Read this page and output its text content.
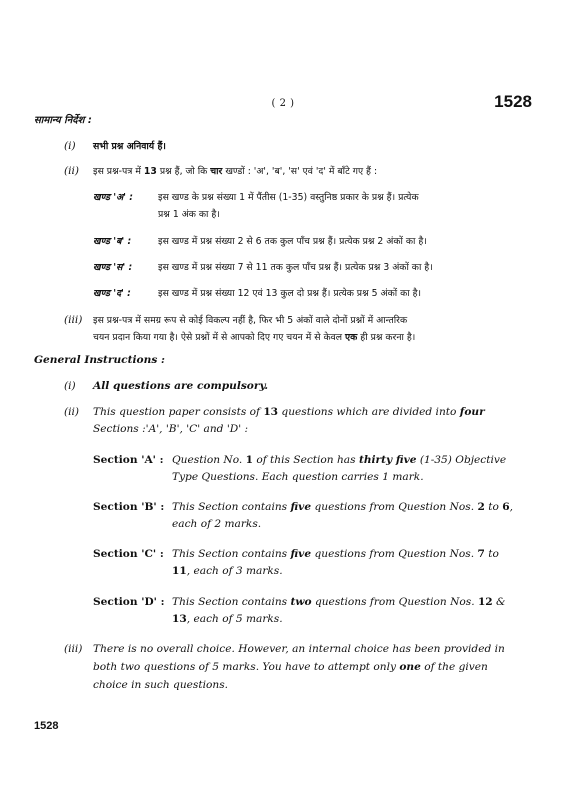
( 2 )	1528
सामान्य निर्देश :
(i) सभी प्रश्न अनिवार्य हैं।
(ii) इस प्रश्न-पत्र में 13 प्रश्न हैं, जो कि चार खण्डों : 'अ', 'ब', 'स' एवं 'द' में बाँटे गए हैं :
खण्ड 'अ' :	इस खण्ड के प्रश्न संख्या 1 में पैंतीस (1-35) वस्तुनिष्ठ प्रकार के प्रश्न हैं। प्रत्येक
प्रश्न 1 अंक का है।
खण्ड 'ब' :	इस खण्ड में प्रश्न संख्या 2 से 6 तक कुल पाँच प्रश्न हैं। प्रत्येक प्रश्न 2 अंकों का है।
खण्ड 'स' :	इस खण्ड में प्रश्न संख्या 7 से 11 तक कुल पाँच प्रश्न हैं। प्रत्येक प्रश्न 3 अंकों का है।
खण्ड 'द' :	इस खण्ड में प्रश्न संख्या 12 एवं 13 कुल दो प्रश्न हैं। प्रत्येक प्रश्न 5 अंकों का है।
(iii) इस प्रश्न-पत्र में समग्र रूप से कोई विकल्प नहीं है, फिर भी 5 अंकों वाले दोनों प्रश्नों में आन्तरिक
चयन प्रदान किया गया है। ऐसे प्रश्नों में से आपको दिए गए चयन में से केवल एक ही प्रश्न करना है।
General Instructions :
(i) All questions are compulsory.
(ii) This question paper consists of 13 questions which are divided into four
Sections :'A', 'B', 'C' and 'D' :
Section 'A' : Question No. 1 of this Section has thirty five (1-35) Objective
Type Questions. Each question carries 1 mark.
Section 'B' : This Section contains five questions from Question Nos. 2 to 6,
each of 2 marks.
Section 'C' : This Section contains five questions from Question Nos. 7 to
11, each of 3 marks.
Section 'D' : This Section contains two questions from Question Nos. 12 &
13, each of 5 marks.
(iii) There is no overall choice. However, an internal choice has been provided in
both two questions of 5 marks. You have to attempt only one of the given
choice in such questions.
1528
